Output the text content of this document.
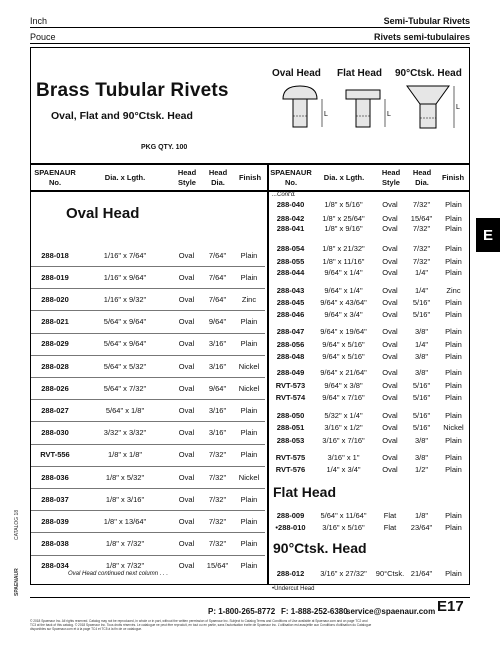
Inch	Semi-Tubular Rivets
Pouce	Rivets semi-tubulaires
Brass Tubular Rivets
Oval, Flat and 90°Ctsk. Head
PKG QTY. 100
Oval Head Flat Head 90°Ctsk. Head
L	L
L
SPAENAUR
No.
Dia. x Lgth.
Head
Style
Head
Dia.
Finish
SPAENAUR
No.
Dia. x Lgth.
Head
Style
Head
Dia.
Finish
Oval Head
...Cont'd.
288-018	1/16" x 7/64"	Oval	7/64"	Plain
288-019	1/16" x 9/64"	Oval	7/64"	Plain
288-020	1/16" x 9/32"	Oval	7/64"	Zinc
288-021	5/64" x 9/64"	Oval	9/64"	Plain
288-029	5/64" x 9/64"	Oval	3/16"	Plain
288-028	5/64" x 5/32"	Oval	3/16"	Nickel
288-026	5/64" x 7/32"	Oval	9/64"	Nickel
288-027	5/64" x 1/8"	Oval	3/16"	Plain
288-030	3/32" x 3/32"	Oval	3/16"	Plain
RVT-556	1/8" x 1/8"	Oval	7/32"	Plain
288-036	1/8" x 5/32"	Oval	7/32"	Nickel
288-037	1/8" x 3/16"	Oval	7/32"	Plain
288-039	1/8" x 13/64"	Oval	7/32"	Plain
288-038	1/8" x 7/32"	Oval	7/32"	Plain
288-034	1/8" x 7/32"	Oval	15/64"	Plain
Oval Head continued next column . . .
288-040	1/8" x 5/16"	Oval	7/32"	Plain
288-042	1/8" x 25/64"	Oval	15/64"	Plain
288-041	1/8" x 9/16"	Oval	7/32"	Plain
288-054	1/8" x 21/32"	Oval	7/32"	Plain
288-055	1/8" x 11/16"	Oval	7/32"	Plain
288-044	9/64" x 1/4"	Oval	1/4"	Plain
288-043	9/64" x 1/4"	Oval	1/4"	Zinc
288-045	9/64" x 43/64"	Oval	5/16"	Plain
288-046	9/64" x 3/4"	Oval	5/16"	Plain
288-047	9/64" x 19/64"	Oval	3/8"	Plain
288-056	9/64" x 5/16"	Oval	1/4"	Plain
288-048	9/64" x 5/16"	Oval	3/8"	Plain
288-049	9/64" x 21/64"	Oval	3/8"	Plain
RVT-573	9/64" x 3/8"	Oval	5/16"	Plain
RVT-574	9/64" x 7/16"	Oval	5/16"	Plain
288-050	5/32" x 1/4"	Oval	5/16"	Plain
288-051	3/16" x 1/2"	Oval	5/16"	Nickel
288-053	3/16" x 7/16"	Oval	3/8"	Plain
RVT-575	3/16" x 1"	Oval	3/8"	Plain
RVT-576	1/4" x 3/4"	Oval	1/2"	Plain
Flat Head
288-009	5/64" x 11/64"	Flat	1/8"	Plain
•288-010	3/16" x 5/16"	Flat	23/64"	Plain
90°Ctsk. Head
288-012	3/16" x 27/32"	90°Ctsk. 21/64"	Plain
•Undercut Head
P: 1-800-265-8772 F: 1-888-252-6380
service@spaenaur.com E17
© 2018 Spaenaur Inc. All rights reserved. Catalog may not be reproduced, in whole or in part, without the written permission of Spaenaur Inc. Subject to Catalog Terms and Conditions of Use available at Spaenaur.com and on page TC2 and
TC3 at the back of this catalog. © 2018 Spaenaur Inc. Tous droits réservés. Le catalogue ne peut être reproduit, en tout ou en partie, sans l'autorisation écrite de Spaenaur Inc. L'utilisation est assujettie aux Conditions d'utilisation du Catalogue
disponibles sur Spaenaur.com et à la page TC4 et TC5 à la fin de ce catalogue.
E
CATALOG 18
SPAENAUR
